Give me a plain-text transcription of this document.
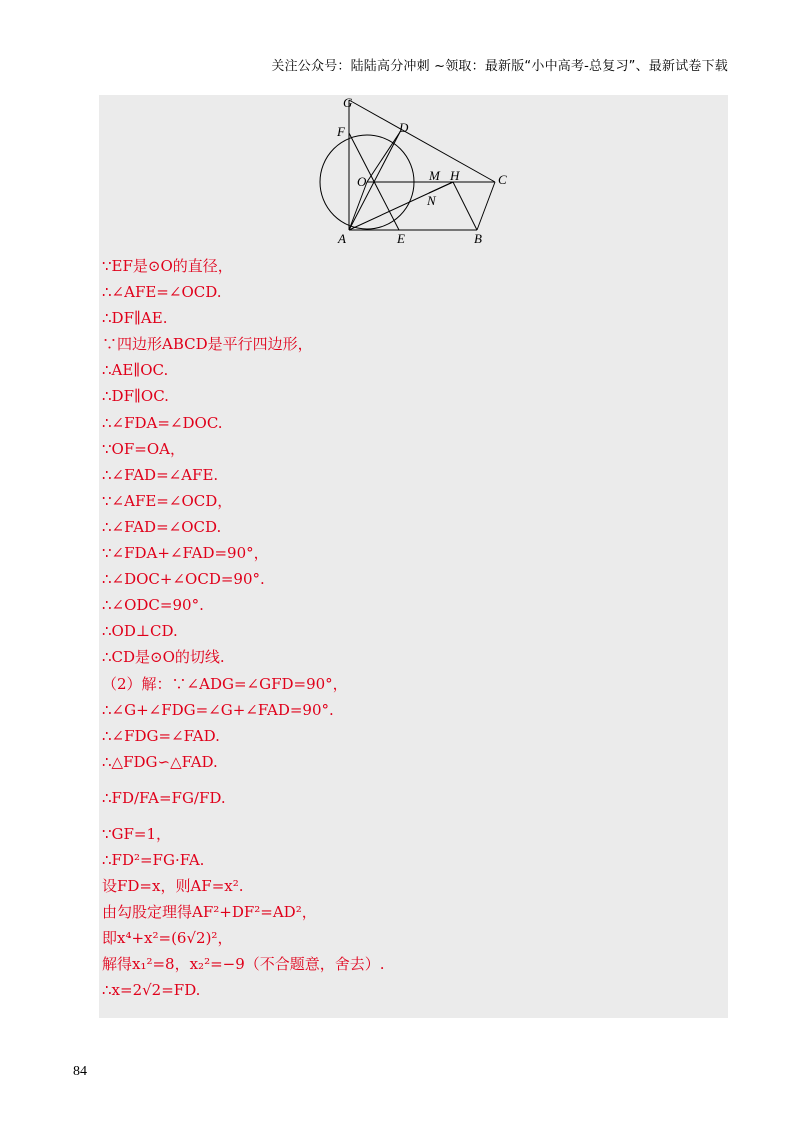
关注公众号：陆陆高分冲刺 ~领取：最新版“小中高考-总复习”、最新试卷下载
G
F	D
O	M H	C
N
A	E	B
∵EF是⊙O的直径，
∴∠AFE=∠OCD.
∴DF∥AE.
∵四边形ABCD是平行四边形，
∴AE∥OC.
∴DF∥OC.
∴∠FDA=∠DOC.
∵OF=OA，
∴∠FAD=∠AFE.
∵∠AFE=∠OCD，
∴∠FAD=∠OCD.
∵∠FDA+∠FAD=90°，
∴∠DOC+∠OCD=90°.
∴∠ODC=90°.
∴OD⊥CD.
∴CD是⊙O的切线.
（2）解：∵∠ADG=∠GFD=90°，
∴∠G+∠FDG=∠G+∠FAD=90°.
∴∠FDG=∠FAD.
∴△FDG∽△FAD.
∴FD/FA=FG/FD.
∵GF=1，
∴FD²=FG·FA.
设FD=x，则AF=x².
由勾股定理得AF²+DF²=AD²，
即x⁴+x²=(6√2)²，
解得x₁²=8，x₂²=−9（不合题意，舍去）.
∴x=2√2=FD.
84
